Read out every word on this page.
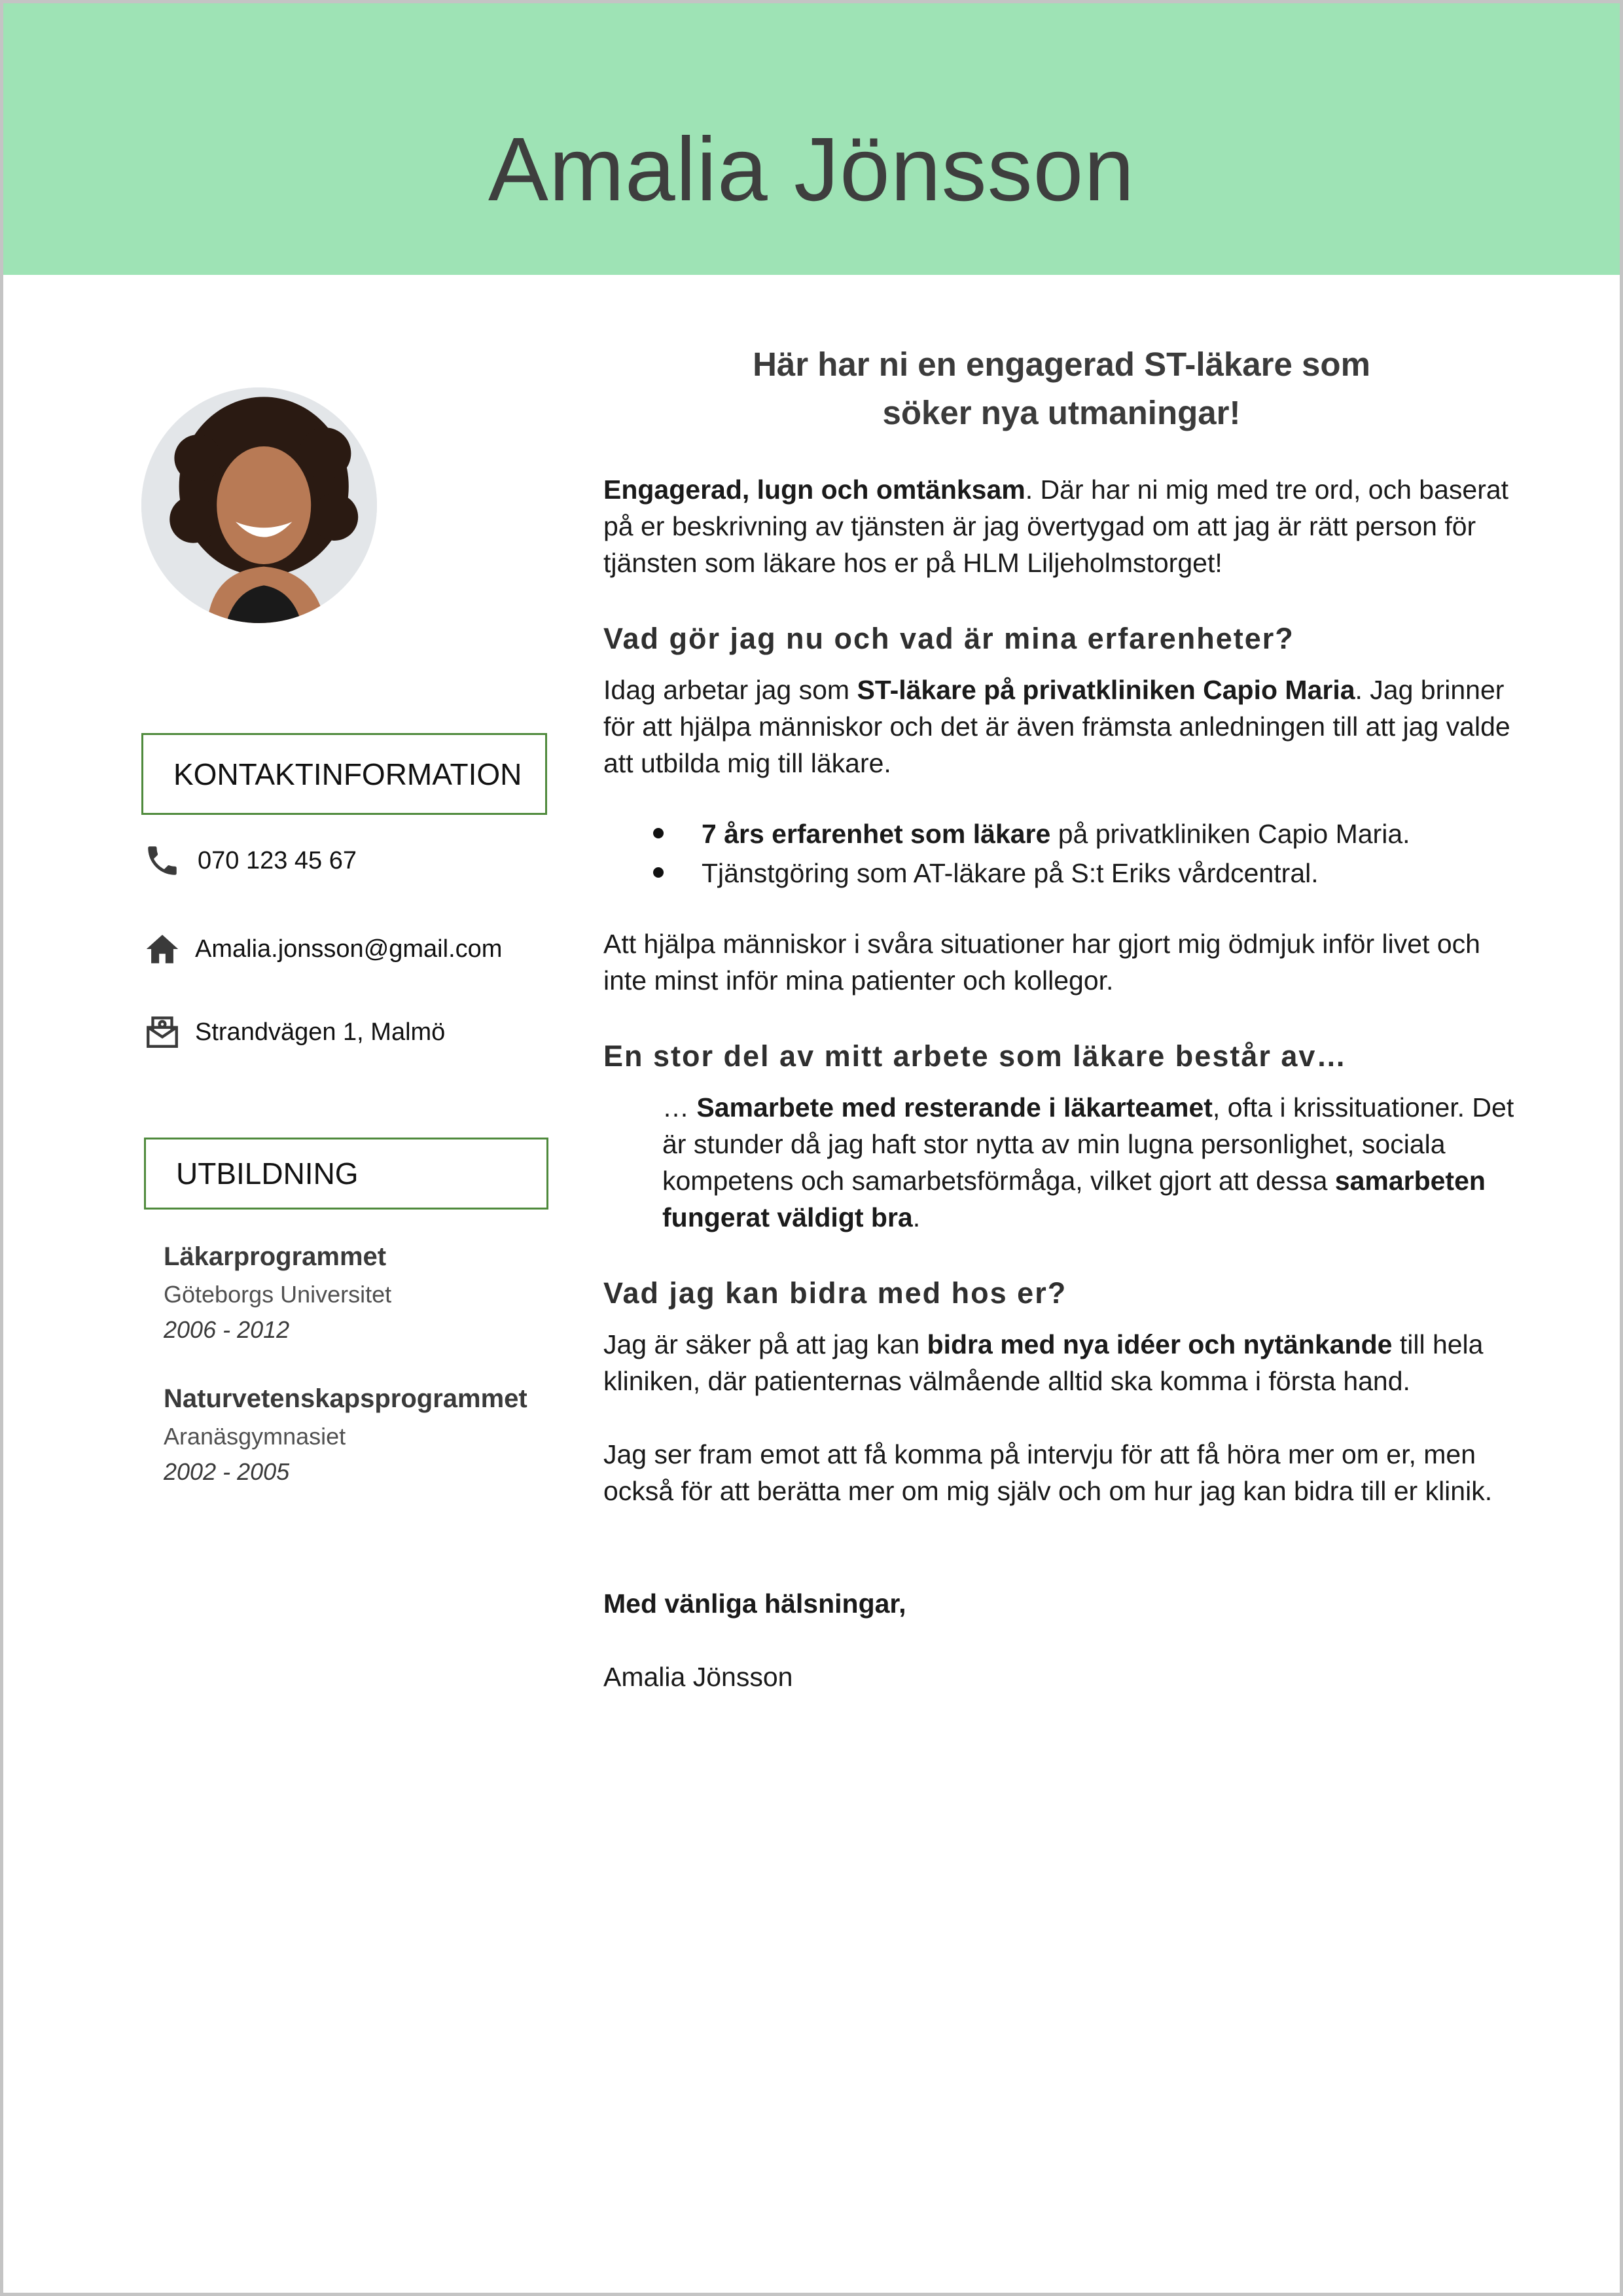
Amalia Jönsson
KONTAKTINFORMATION
070 123 45 67
Amalia.jonsson@gmail.com
Strandvägen 1, Malmö
UTBILDNING
Läkarprogrammet
Göteborgs Universitet
2006 - 2012
Naturvetenskapsprogrammet
Aranäsgymnasiet
2002 - 2005
Här har ni en engagerad ST-läkare som
söker nya utmaningar!

Engagerad, lugn och omtänksam. Där har ni mig med tre ord, och baserat på er beskrivning av tjänsten är jag övertygad om att jag är rätt person för tjänsten som läkare hos er på HLM Liljeholmstorget!

Vad gör jag nu och vad är mina erfarenheter?

Idag arbetar jag som ST-läkare på privatkliniken Capio Maria. Jag brinner för att hjälpa människor och det är även främsta anledningen till att jag valde att utbilda mig till läkare.

7 års erfarenhet som läkare på privatkliniken Capio Maria.
Tjänstgöring som AT-läkare på S:t Eriks vårdcentral.

Att hjälpa människor i svåra situationer har gjort mig ödmjuk inför livet och inte minst inför mina patienter och kollegor.

En stor del av mitt arbete som läkare består av…

… Samarbete med resterande i läkarteamet, ofta i krissituationer. Det är stunder då jag haft stor nytta av min lugna personlighet, sociala kompetens och samarbetsförmåga, vilket gjort att dessa samarbeten fungerat väldigt bra.

Vad jag kan bidra med hos er?

Jag är säker på att jag kan bidra med nya idéer och nytänkande till hela kliniken, där patienternas välmående alltid ska komma i första hand.

Jag ser fram emot att få komma på intervju för att få höra mer om er, men också för att berätta mer om mig själv och om hur jag kan bidra till er klinik.

Med vänliga hälsningar,

Amalia Jönsson
